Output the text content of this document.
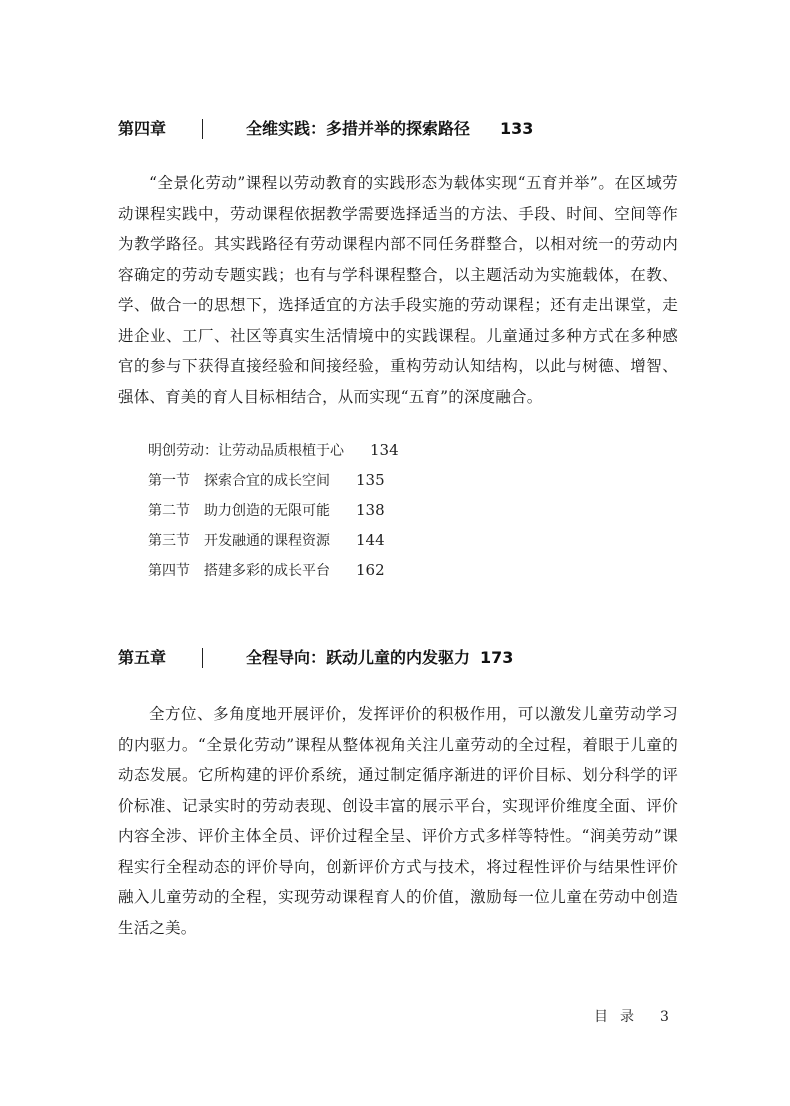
第四章	全维实践：多措并举的探索路径 133

“全景化劳动”课程以劳动教育的实践形态为载体实现“五育并举”。在区域劳动课程实践中，劳动课程依据教学需要选择适当的方法、手段、时间、空间等作为教学路径。其实践路径有劳动课程内部不同任务群整合，以相对统一的劳动内容确定的劳动专题实践；也有与学科课程整合，以主题活动为实施载体，在教、学、做合一的思想下，选择适宜的方法手段实施的劳动课程；还有走出课堂，走进企业、工厂、社区等真实生活情境中的实践课程。儿童通过多种方式在多种感官的参与下获得直接经验和间接经验，重构劳动认知结构，以此与树德、增智、强体、育美的育人目标相结合，从而实现“五育”的深度融合。

明创劳动：让劳动品质根植于心 134
第一节 探索合宜的成长空间 135
第二节 助力创造的无限可能 138
第三节 开发融通的课程资源 144
第四节 搭建多彩的成长平台 162
第五章	全程导向：跃动儿童的内发驱力 173

全方位、多角度地开展评价，发挥评价的积极作用，可以激发儿童劳动学习的内驱力。“全景化劳动”课程从整体视角关注儿童劳动的全过程，着眼于儿童的动态发展。它所构建的评价系统，通过制定循序渐进的评价目标、划分科学的评价标准、记录实时的劳动表现、创设丰富的展示平台，实现评价维度全面、评价内容全涉、评价主体全员、评价过程全呈、评价方式多样等特性。“润美劳动”课程实行全程动态的评价导向，创新评价方式与技术，将过程性评价与结果性评价融入儿童劳动的全程，实现劳动课程育人的价值，激励每一位儿童在劳动中创造生活之美。

目录 3
